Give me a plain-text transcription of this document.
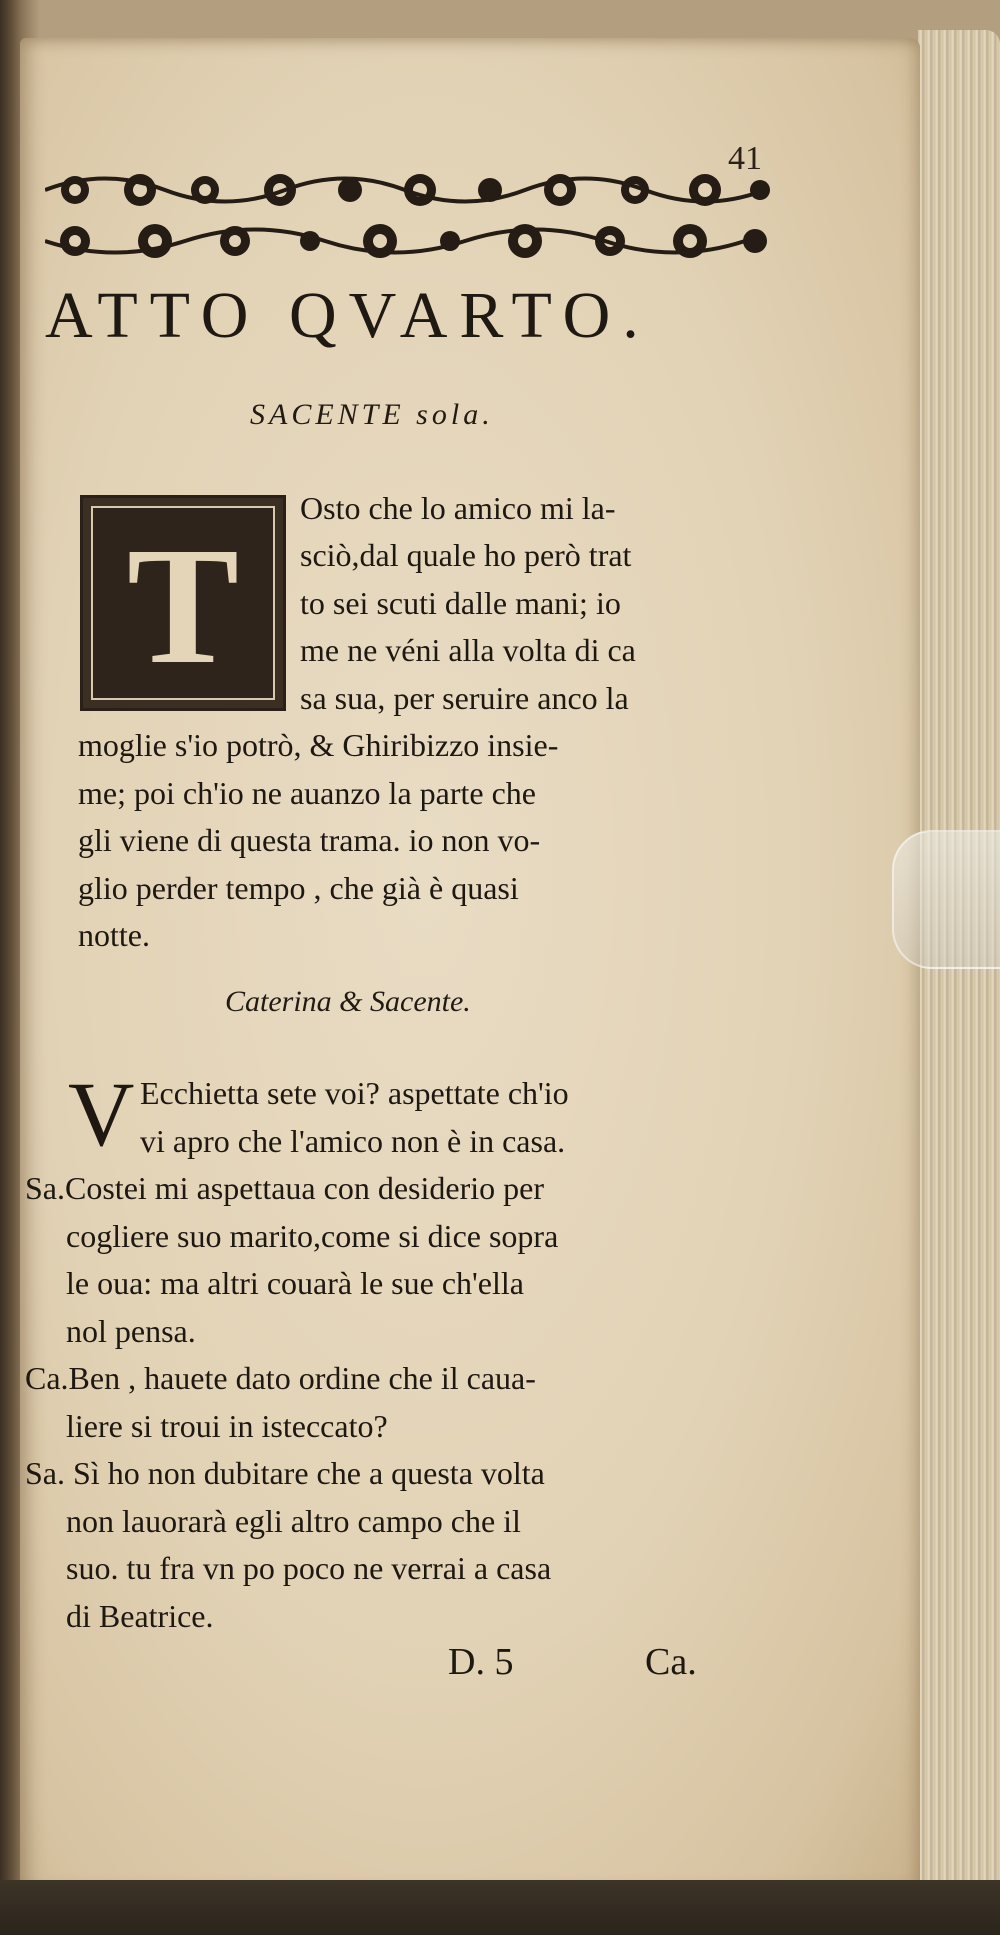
41
ATTO QVARTO.
SACENTE sola.
T
Osto che lo amico mi la-
sciò,dal quale ho però trat
to sei scuti dalle mani; io
me ne véni alla volta di ca
sa sua, per seruire anco la
moglie s'io potrò, & Ghiribizzo insie-
me; poi ch'io ne auanzo la parte che
gli viene di questa trama. io non vo-
glio perder tempo , che già è quasi
notte.
Caterina & Sacente.
V Ecchietta sete voi? aspettate ch'io
vi apro che l'amico non è in casa.
Sa.Costei mi aspettaua con desiderio per
cogliere suo marito,come si dice sopra
le oua: ma altri couarà le sue ch'ella
nol pensa.
Ca.Ben , hauete dato ordine che il caua-
liere si troui in isteccato?
Sa. Sì ho non dubitare che a questa volta
non lauorarà egli altro campo che il
suo. tu fra vn po poco ne verrai a casa
di Beatrice.
D. 5	Ca.
